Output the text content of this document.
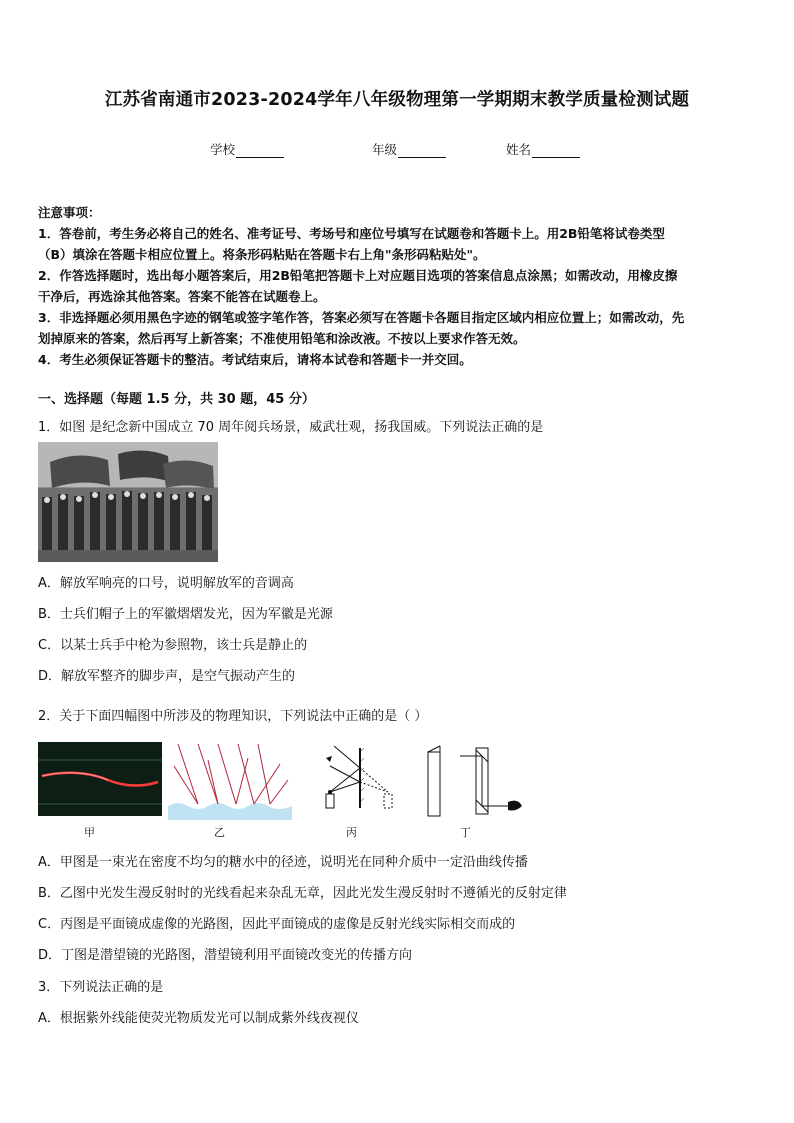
江苏省南通市2023-2024学年八年级物理第一学期期末教学质量检测试题
学校	年级	姓名
注意事项：
1．答卷前，考生务必将自己的姓名、准考证号、考场号和座位号填写在试题卷和答题卡上。用2B铅笔将试卷类型
（B）填涂在答题卡相应位置上。将条形码粘贴在答题卡右上角"条形码粘贴处"。
2．作答选择题时，选出每小题答案后，用2B铅笔把答题卡上对应题目选项的答案信息点涂黑；如需改动，用橡皮擦
干净后，再选涂其他答案。答案不能答在试题卷上。
3．非选择题必须用黑色字迹的钢笔或签字笔作答，答案必须写在答题卡各题目指定区域内相应位置上；如需改动，先
划掉原来的答案，然后再写上新答案；不准使用铅笔和涂改液。不按以上要求作答无效。
4．考生必须保证答题卡的整洁。考试结束后，请将本试卷和答题卡一并交回。
一、选择题（每题 1.5 分，共 30 题，45 分）
1．如图 是纪念新中国成立 70 周年阅兵场景，威武壮观，扬我国威。下列说法正确的是
A．解放军响亮的口号，说明解放军的音调高
B．士兵们帽子上的军徽熠熠发光，因为军徽是光源
C．以某士兵手中枪为参照物，该士兵是静止的
D．解放军整齐的脚步声，是空气振动产生的
2．关于下面四幅图中所涉及的物理知识，下列说法中正确的是（ ）
甲	乙	丙	丁
A．甲图是一束光在密度不均匀的糖水中的径迹，说明光在同种介质中一定沿曲线传播
B．乙图中光发生漫反射时的光线看起来杂乱无章，因此光发生漫反射时不遵循光的反射定律
C．丙图是平面镜成虚像的光路图，因此平面镜成的虚像是反射光线实际相交而成的
D．丁图是潜望镜的光路图，潜望镜利用平面镜改变光的传播方向
3．下列说法正确的是
A．根据紫外线能使荧光物质发光可以制成紫外线夜视仪
